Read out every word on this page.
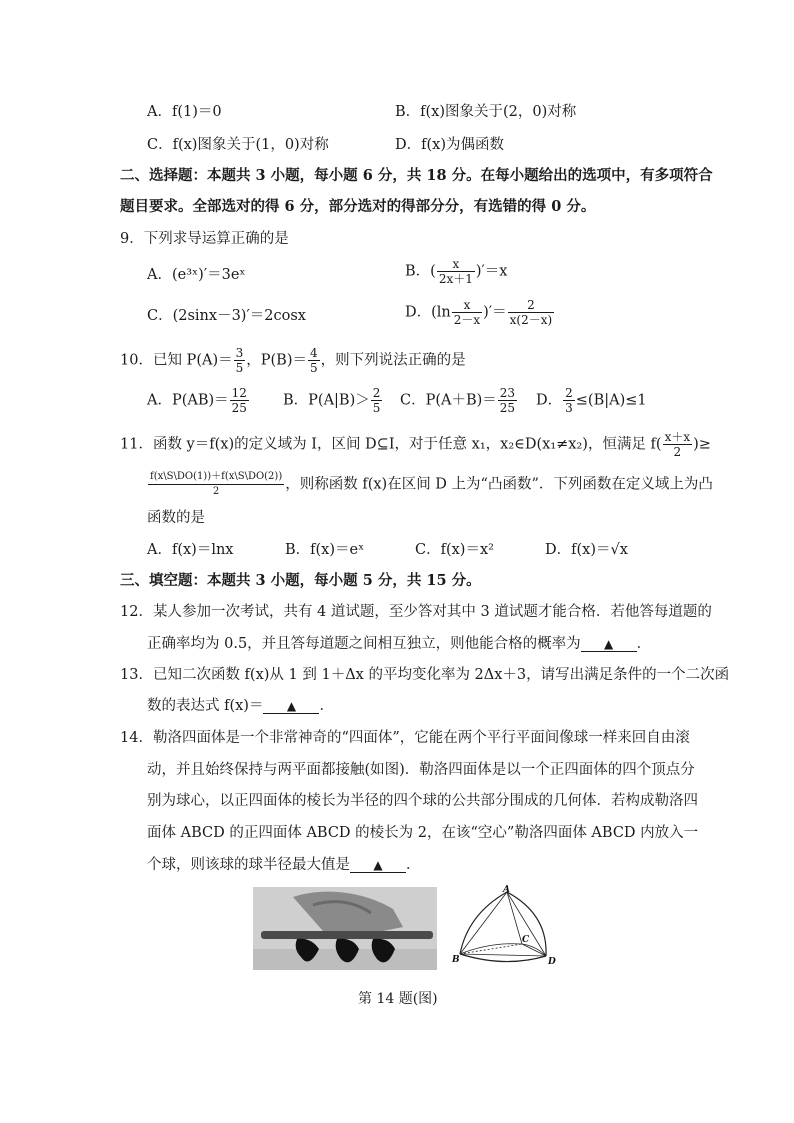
A．f(1)＝0	B．f(x)图象关于(2，0)对称
C．f(x)图象关于(1，0)对称	D．f(x)为偶函数
二、选择题：本题共 3 小题，每小题 6 分，共 18 分。在每小题给出的选项中，有多项符合
题目要求。全部选对的得 6 分，部分选对的得部分分，有选错的得 0 分。
9．下列求导运算正确的是
A．(e³ˣ)′＝3eˣ	B．( $\frac{x}{2x+1} )'=x$
C．(2sinx－3)′＝2cosx	D．($\ln \frac{x}{2-x}$ )′＝ $\frac{2}{x(2-x)}$
10．已知 $P(A)= \frac{3}{5}$ ，$P(B)= \frac{4}{5}$ ，则下列说法正确的是
A．$P(AB)= \frac{12}{25}$ B．$P(A|B)> \frac{2}{5}$ C．$P(A+B)= \frac{23}{25}$ D． $\frac{2}{3} \le(B|A)\le 1$
11．函数 y＝f(x)的定义域为 I，区间 D⊆I，对于任意 x₁，x₂∈D(x₁≠x₂)，恒满足 $f( \frac{x+x}{2}$ )≥
$\frac{f(x\backslash S\backslash DO(1))+f(x\backslash S\backslash DO(2))}{2}$ ，则称函数 f(x)在区间 D 上为“凸函数”．下列函数在定义域上为凸
函数的是
A．f(x)＝lnx	B．f(x)＝eˣ	C．f(x)＝x²	D．f(x)＝√x
三、填空题：本题共 3 小题，每小题 5 分，共 15 分。
12．某人参加一次考试，共有 4 道试题，至少答对其中 3 道试题才能合格．若他答每道题的
正确率均为 0.5，并且答每道题之间相互独立，则他能合格的概率为 ▲ ．
13．已知二次函数 f(x)从 1 到 1＋Δx 的平均变化率为 2Δx＋3，请写出满足条件的一个二次函
数的表达式 f(x)＝ ▲ ．
14．勒洛四面体是一个非常神奇的“四面体”，它能在两个平行平面间像球一样来回自由滚
动，并且始终保持与两平面都接触(如图)．勒洛四面体是以一个正四面体的四个顶点分
别为球心，以正四面体的棱长为半径的四个球的公共部分围成的几何体．若构成勒洛四
面体 ABCD 的正四面体 ABCD 的棱长为 2，在该“空心”勒洛四面体 ABCD 内放入一
个球，则该球的球半径最大值是 ▲ ．
A
B
C
D
第 14 题(图)
